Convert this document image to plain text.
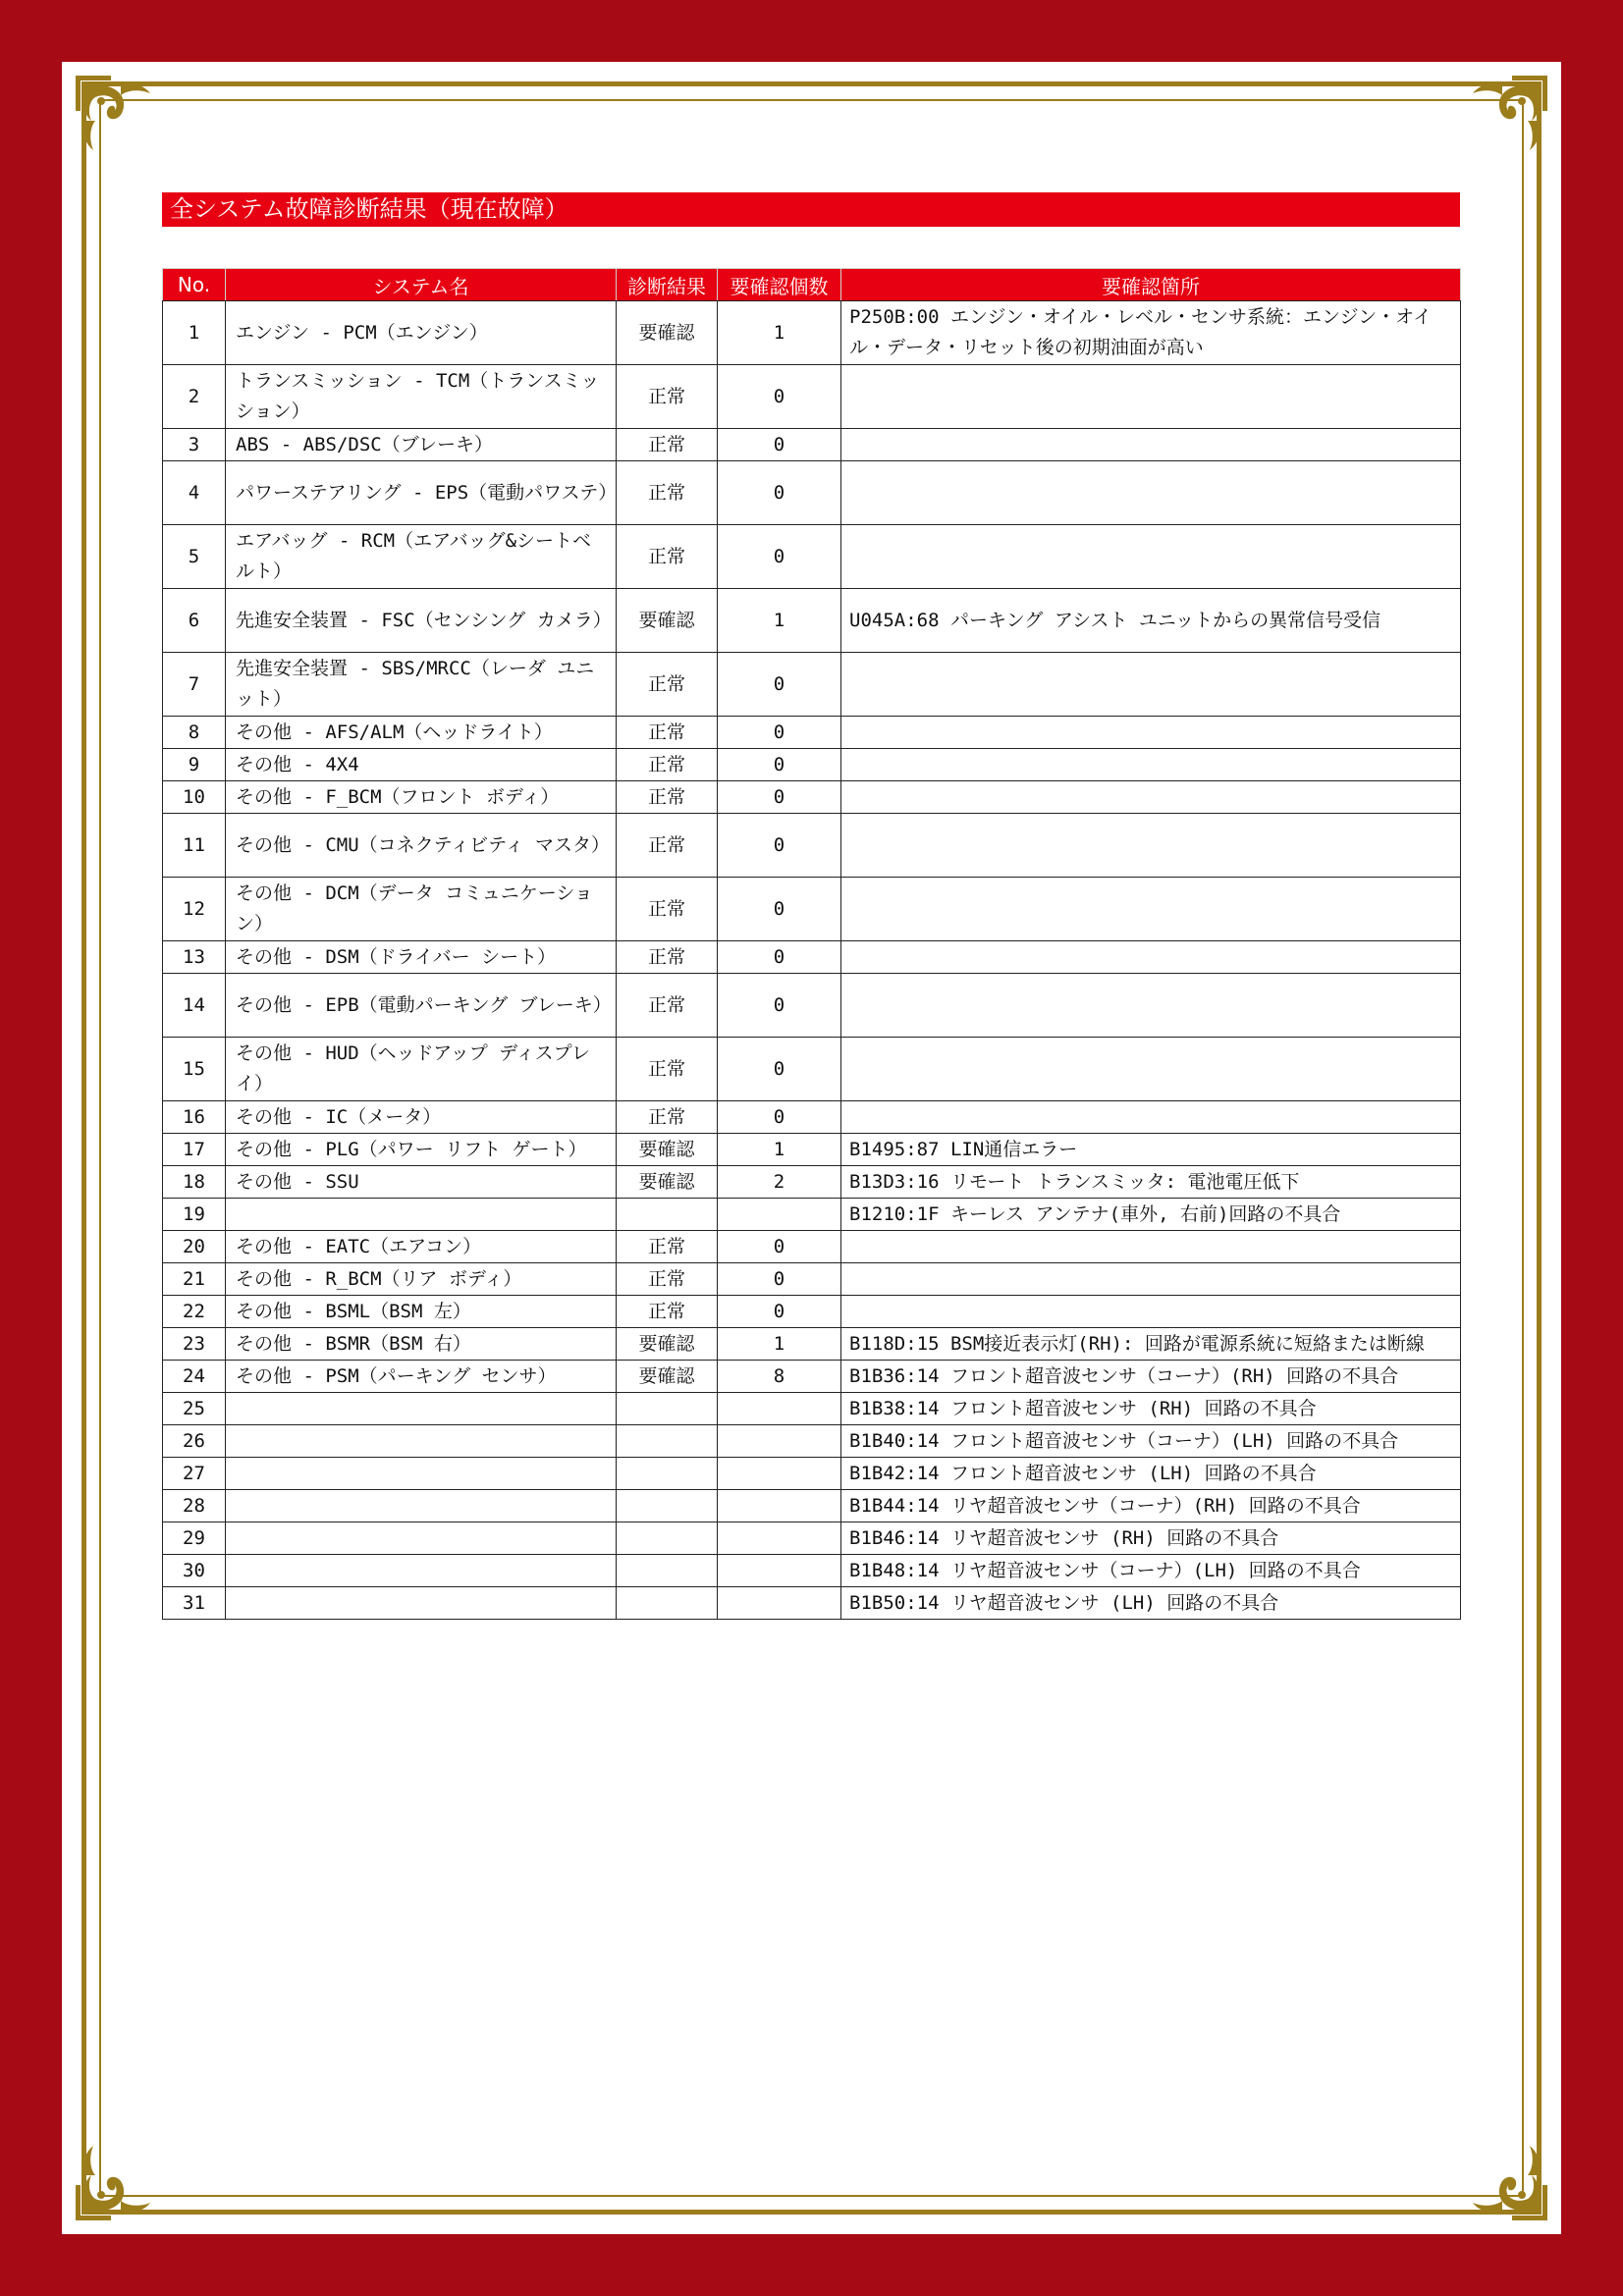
全システム故障診断結果（現在故障）
No.	システム名	診断結果	要確認個数	要確認箇所
1	エンジン - PCM（エンジン）	要確認	1	P250B:00 エンジン・オイル・レベル・センサ系統：エンジン・オイル・データ・リセット後の初期油面が高い
2	トランスミッション - TCM（トランスミッション）	正常	0	
3	ABS - ABS/DSC（ブレーキ）	正常	0	
4	パワーステアリング - EPS（電動パワステ）	正常	0	
5	エアバッグ - RCM（エアバッグ&シートベルト）	正常	0	
6	先進安全装置 - FSC（センシング カメラ）	要確認	1	U045A:68 パーキング アシスト ユニットからの異常信号受信
7	先進安全装置 - SBS/MRCC（レーダ ユニット）	正常	0	
8	その他 - AFS/ALM（ヘッドライト）	正常	0	
9	その他 - 4X4	正常	0	
10	その他 - F_BCM（フロント ボディ）	正常	0	
11	その他 - CMU（コネクティビティ マスタ）	正常	0	
12	その他 - DCM（データ コミュニケーション）	正常	0	
13	その他 - DSM（ドライバー シート）	正常	0	
14	その他 - EPB（電動パーキング ブレーキ）	正常	0	
15	その他 - HUD（ヘッドアップ ディスプレイ）	正常	0	
16	その他 - IC（メータ）	正常	0	
17	その他 - PLG（パワー リフト ゲート）	要確認	1	B1495:87 LIN通信エラー
18	その他 - SSU	要確認	2	B13D3:16 リモート トランスミッタ: 電池電圧低下
19				B1210:1F キーレス アンテナ(車外, 右前)回路の不具合
20	その他 - EATC（エアコン）	正常	0	
21	その他 - R_BCM（リア ボディ）	正常	0	
22	その他 - BSML（BSM 左）	正常	0	
23	その他 - BSMR（BSM 右）	要確認	1	B118D:15 BSM接近表示灯(RH): 回路が電源系統に短絡または断線
24	その他 - PSM（パーキング センサ）	要確認	8	B1B36:14 フロント超音波センサ（コーナ）(RH) 回路の不具合
25				B1B38:14 フロント超音波センサ (RH) 回路の不具合
26				B1B40:14 フロント超音波センサ（コーナ）(LH) 回路の不具合
27				B1B42:14 フロント超音波センサ (LH) 回路の不具合
28				B1B44:14 リヤ超音波センサ（コーナ）(RH) 回路の不具合
29				B1B46:14 リヤ超音波センサ (RH) 回路の不具合
30				B1B48:14 リヤ超音波センサ（コーナ）(LH) 回路の不具合
31				B1B50:14 リヤ超音波センサ (LH) 回路の不具合
